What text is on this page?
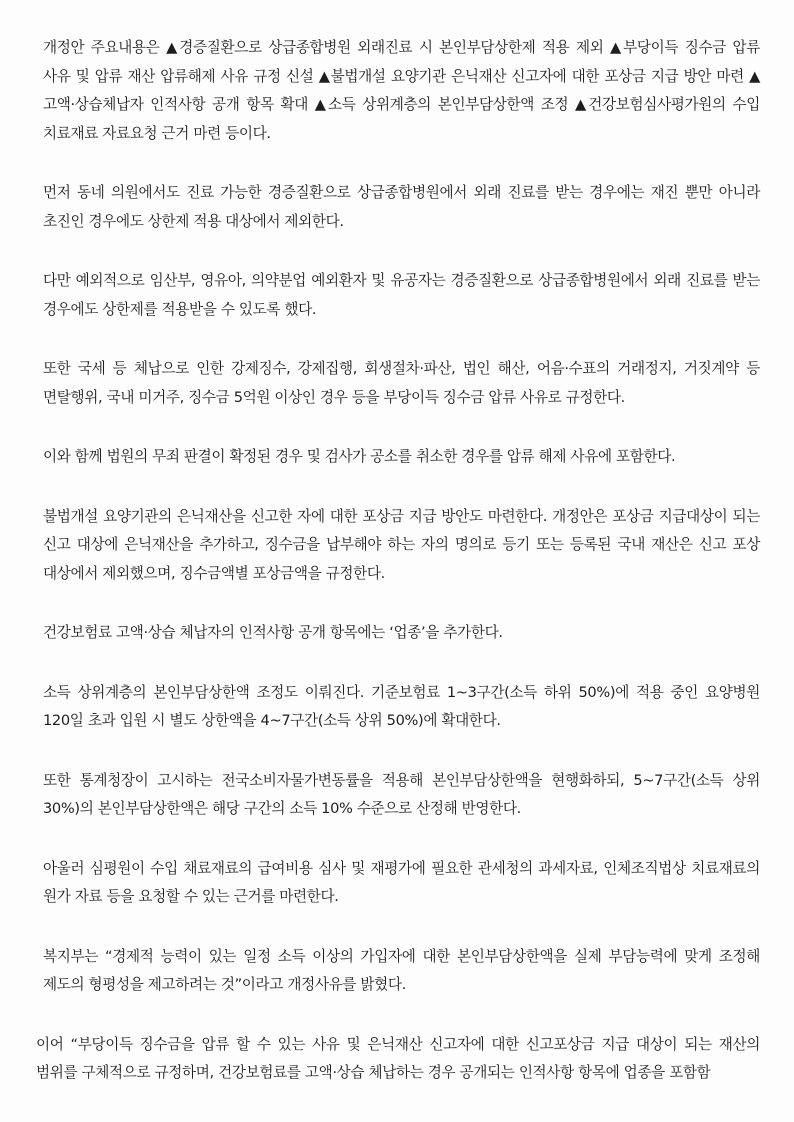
개정안 주요내용은 ▲경증질환으로 상급종합병원 외래진료 시 본인부담상한제 적용 제외 ▲부당이득 징수금 압류 사유 및 압류 재산 압류해제 사유 규정 신설 ▲불법개설 요양기관 은닉재산 신고자에 대한 포상금 지급 방안 마련 ▲고액·상습체납자 인적사항 공개 항목 확대 ▲소득 상위계층의 본인부담상한액 조정 ▲건강보험심사평가원의 수입 치료재료 자료요청 근거 마련 등이다.

먼저 동네 의원에서도 진료 가능한 경증질환으로 상급종합병원에서 외래 진료를 받는 경우에는 재진 뿐만 아니라 초진인 경우에도 상한제 적용 대상에서 제외한다.

다만 예외적으로 임산부, 영유아, 의약분업 예외환자 및 유공자는 경증질환으로 상급종합병원에서 외래 진료를 받는 경우에도 상한제를 적용받을 수 있도록 했다.

또한 국세 등 체납으로 인한 강제징수, 강제집행, 회생절차·파산, 법인 해산, 어음·수표의 거래정지, 거짓계약 등 면탈행위, 국내 미거주, 징수금 5억원 이상인 경우 등을 부당이득 징수금 압류 사유로 규정한다.

이와 함께 법원의 무죄 판결이 확정된 경우 및 검사가 공소를 취소한 경우를 압류 해제 사유에 포함한다.

불법개설 요양기관의 은닉재산을 신고한 자에 대한 포상금 지급 방안도 마련한다. 개정안은 포상금 지급대상이 되는 신고 대상에 은닉재산을 추가하고, 징수금을 납부해야 하는 자의 명의로 등기 또는 등록된 국내 재산은 신고 포상 대상에서 제외했으며, 징수금액별 포상금액을 규정한다.

건강보험료 고액·상습 체납자의 인적사항 공개 항목에는 ‘업종’을 추가한다.

소득 상위계층의 본인부담상한액 조정도 이뤄진다. 기준보험료 1~3구간(소득 하위 50%)에 적용 중인 요양병원 120일 초과 입원 시 별도 상한액을 4~7구간(소득 상위 50%)에 확대한다.

또한 통계청장이 고시하는 전국소비자물가변동률을 적용해 본인부담상한액을 현행화하되, 5~7구간(소득 상위 30%)의 본인부담상한액은 해당 구간의 소득 10% 수준으로 산정해 반영한다.

아울러 심평원이 수입 채료재료의 급여비용 심사 및 재평가에 필요한 관세청의 과세자료, 인체조직법상 치료재료의 원가 자료 등을 요청할 수 있는 근거를 마련한다.

복지부는 “경제적 능력이 있는 일정 소득 이상의 가입자에 대한 본인부담상한액을 실제 부담능력에 맞게 조정해 제도의 형평성을 제고하려는 것”이라고 개정사유를 밝혔다.

이어 “부당이득 징수금을 압류 할 수 있는 사유 및 은닉재산 신고자에 대한 신고포상금 지급 대상이 되는 재산의 범위를 구체적으로 규정하며, 건강보험료를 고액·상습 체납하는 경우 공개되는 인적사항 항목에 업종을 포함함
